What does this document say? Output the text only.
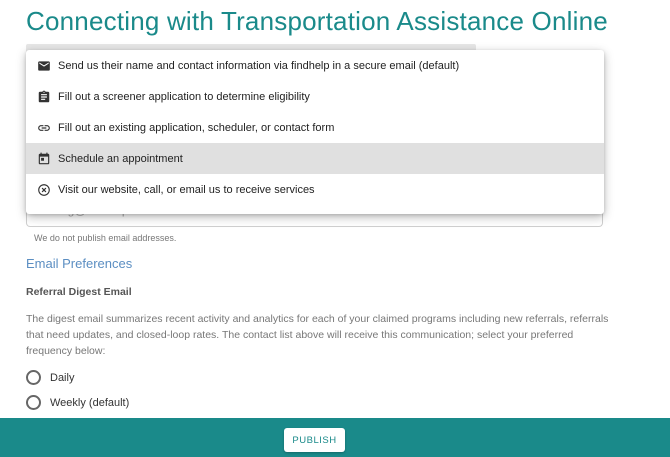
Connecting with Transportation Assistance Online
We do not publish email addresses.
Email Preferences
Referral Digest Email
The digest email summarizes recent activity and analytics for each of your claimed programs including new referrals, referrals that need updates, and closed-loop rates. The contact list above will receive this communication; select your preferred frequency below:
Daily
Weekly (default)
PUBLISH
Send us their name and contact information via findhelp in a secure email (default)
Fill out a screener application to determine eligibility
Fill out an existing application, scheduler, or contact form
Schedule an appointment
Visit our website, call, or email us to receive services
